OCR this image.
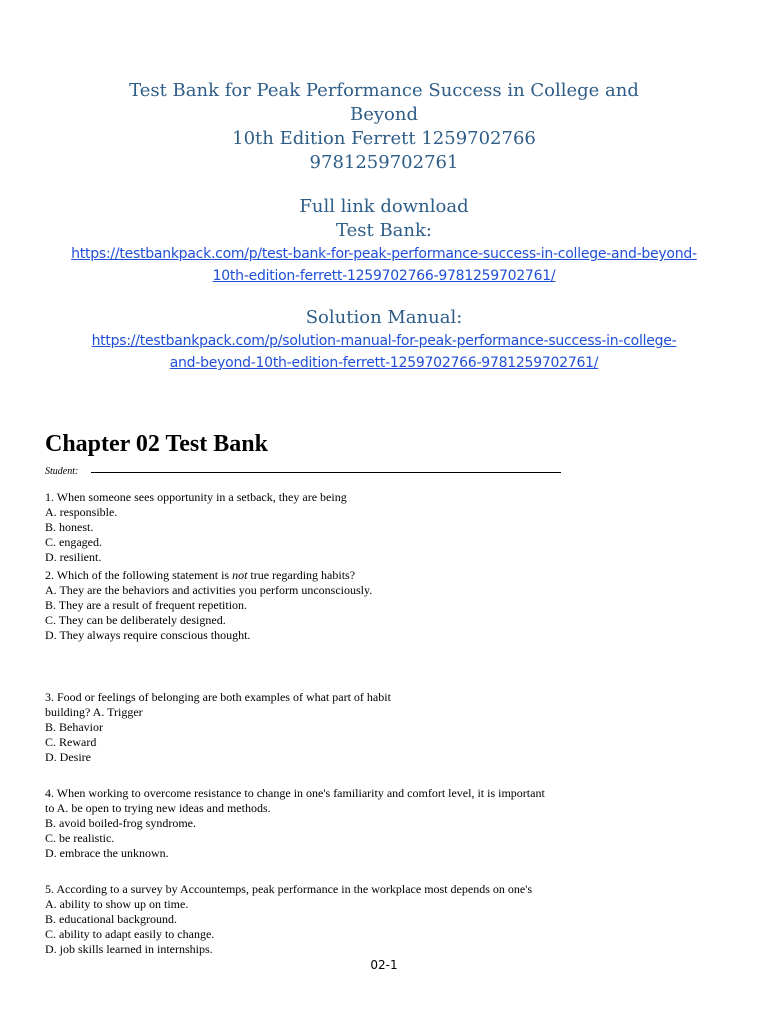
Test Bank for Peak Performance Success in College and
Beyond
10th Edition Ferrett 1259702766
9781259702761
Full link download
Test Bank:
https://testbankpack.com/p/test-bank-for-peak-performance-success-in-college-and-beyond-
10th-edition-ferrett-1259702766-9781259702761/
Solution Manual:
https://testbankpack.com/p/solution-manual-for-peak-performance-success-in-college-
and-beyond-10th-edition-ferrett-1259702766-9781259702761/
Chapter 02 Test Bank
Student:
1. When someone sees opportunity in a setback, they are being
A. responsible.
B. honest.
C. engaged.
D. resilient.
2. Which of the following statement is not true regarding habits?
A. They are the behaviors and activities you perform unconsciously.
B. They are a result of frequent repetition.
C. They can be deliberately designed.
D. They always require conscious thought.
3. Food or feelings of belonging are both examples of what part of habit
building? A. Trigger
B. Behavior
C. Reward
D. Desire
4. When working to overcome resistance to change in one's familiarity and comfort level, it is important
to A. be open to trying new ideas and methods.
B. avoid boiled-frog syndrome.
C. be realistic.
D. embrace the unknown.
5. According to a survey by Accountemps, peak performance in the workplace most depends on one's
A. ability to show up on time.
B. educational background.
C. ability to adapt easily to change.
D. job skills learned in internships.
02-1
